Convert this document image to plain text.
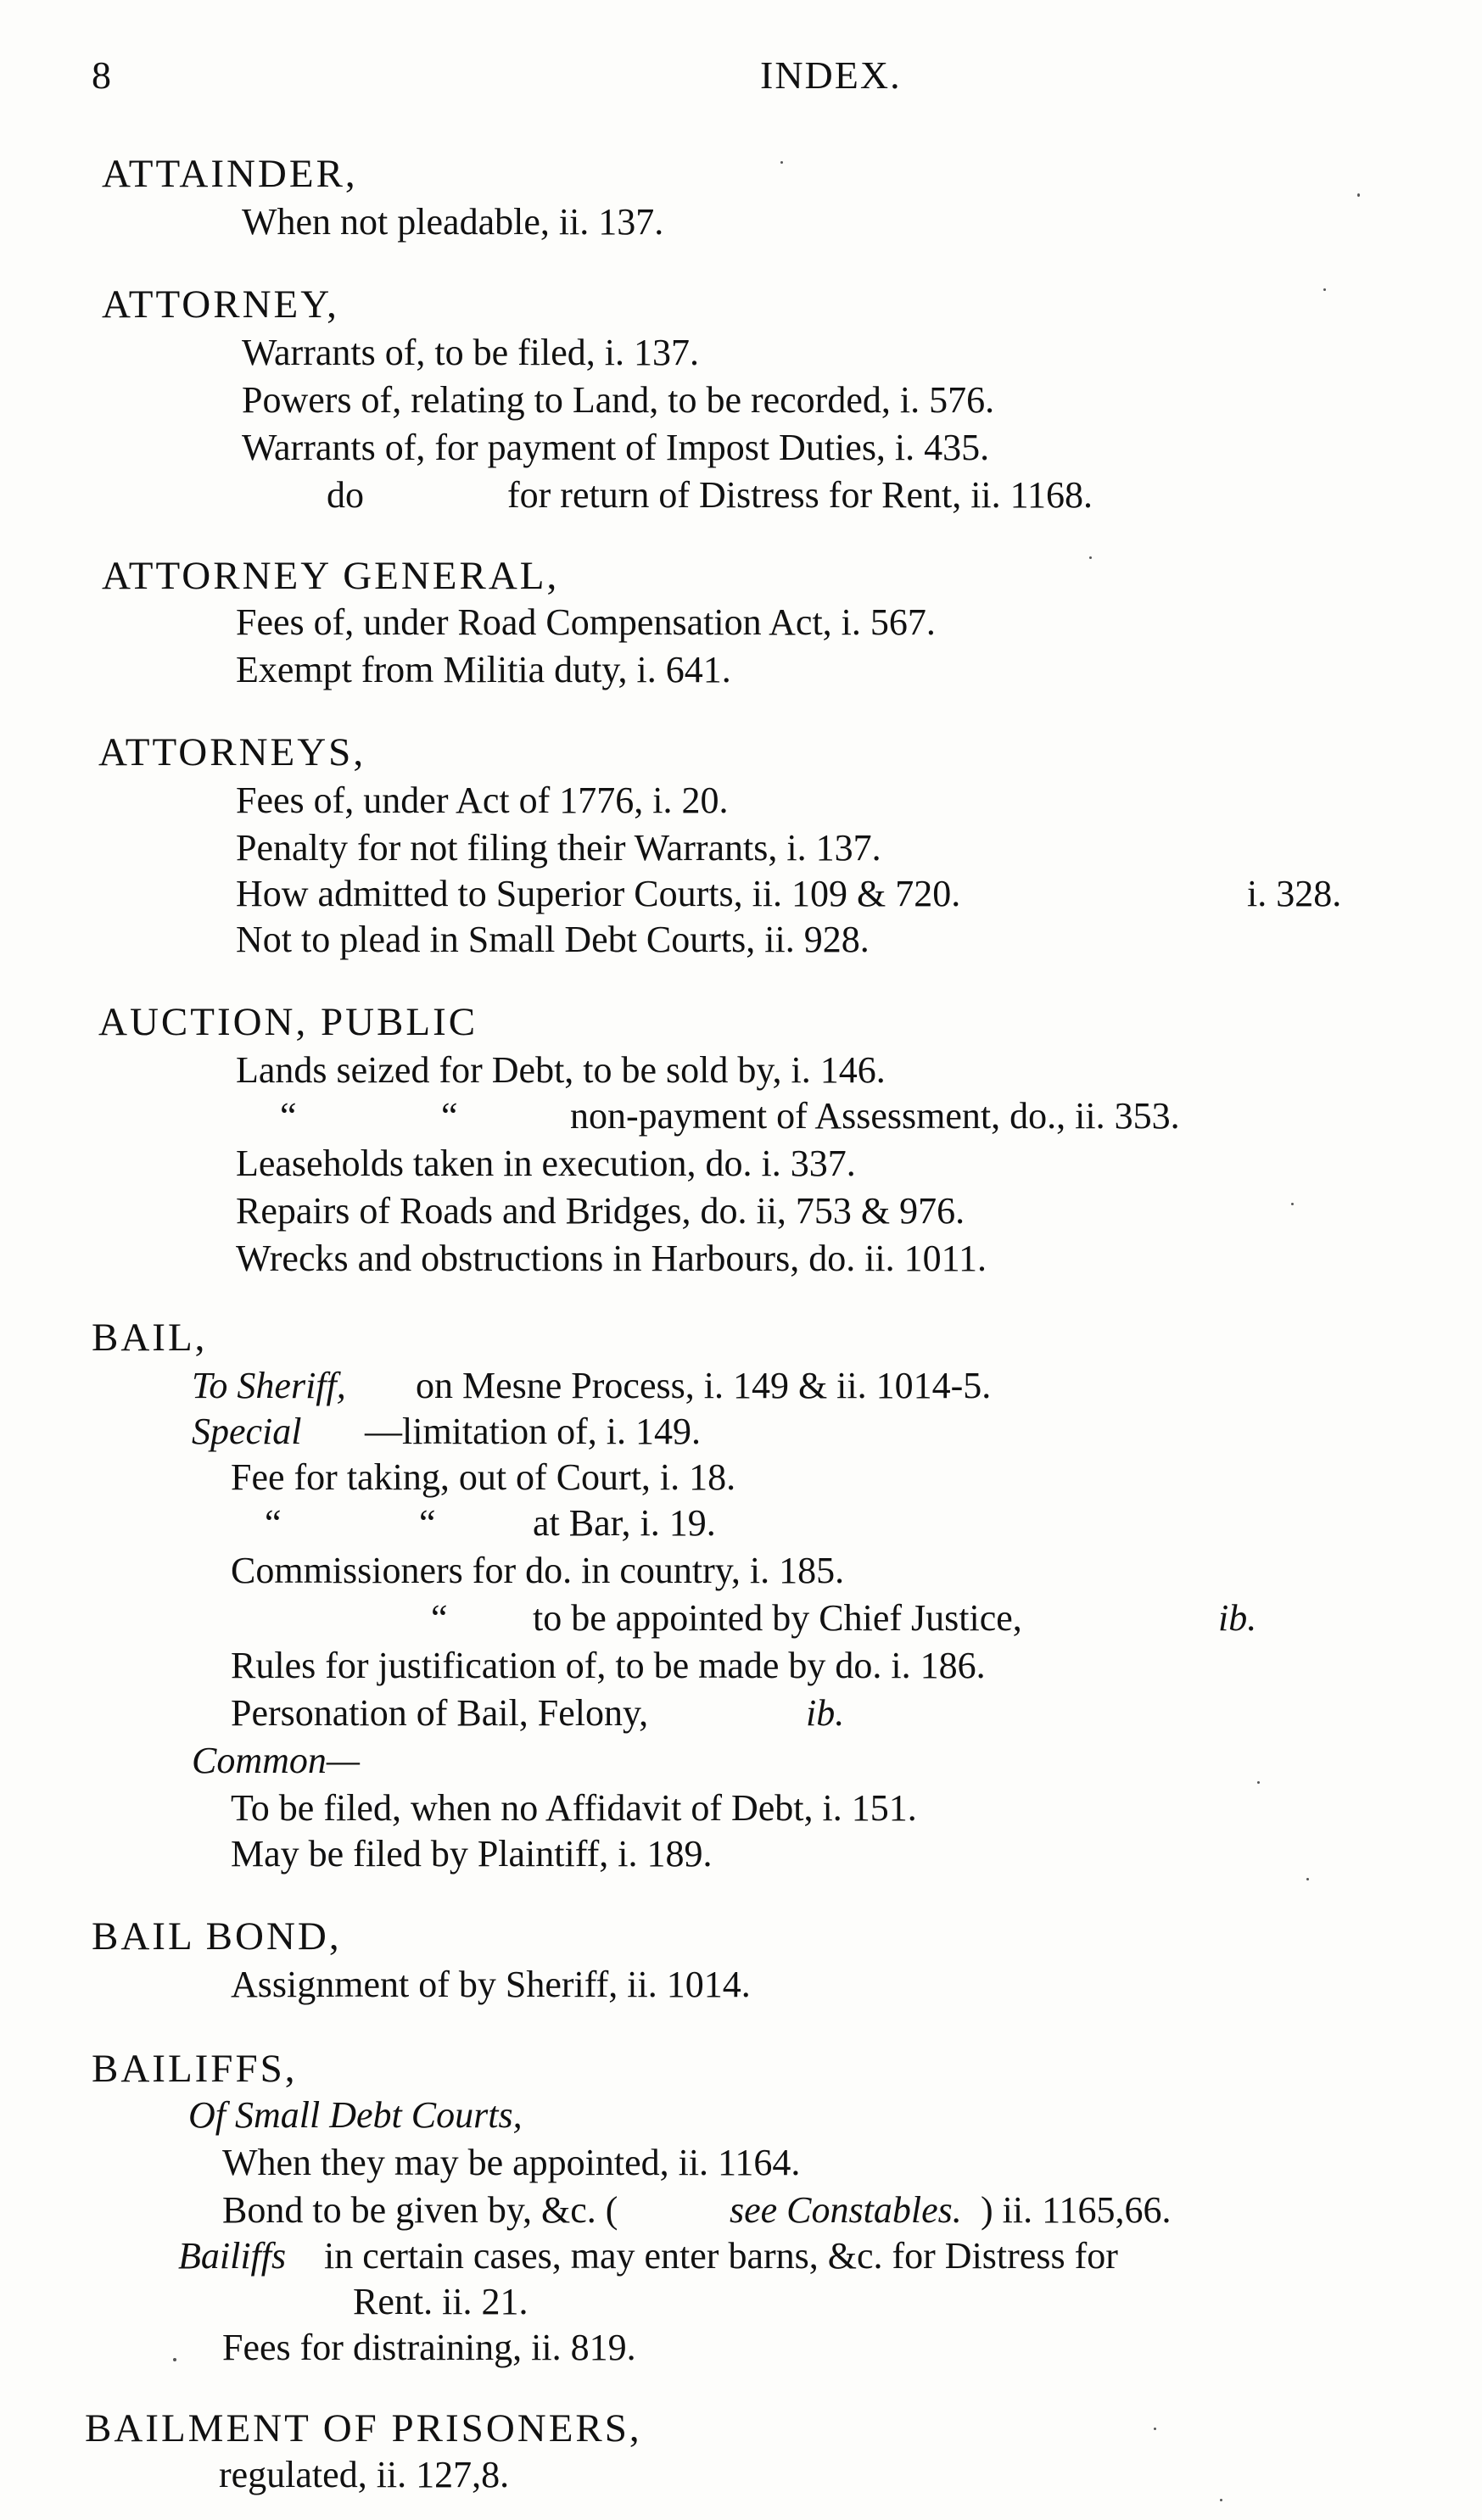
8	INDEX.
ATTAINDER,
When not pleadable, ii. 137.
ATTORNEY,
Warrants of, to be filed, i. 137.
Powers of, relating to Land, to be recorded, i. 576.
Warrants of, for payment of Impost Duties, i. 435.
do	for return of Distress for Rent, ii. 1168.
ATTORNEY GENERAL,
Fees of, under Road Compensation Act, i. 567.
Exempt from Militia duty, i. 641.
ATTORNEYS,
Fees of, under Act of 1776, i. 20.
Penalty for not filing their Warrants, i. 137.
How admitted to Superior Courts, ii. 109 & 720.	i. 328.
Not to plead in Small Debt Courts, ii. 928.
AUCTION, PUBLIC
Lands seized for Debt, to be sold by, i. 146.
“	“	non-payment of Assessment, do., ii. 353.
Leaseholds taken in execution, do. i. 337.
Repairs of Roads and Bridges, do. ii, 753 & 976.
Wrecks and obstructions in Harbours, do. ii. 1011.
BAIL,
To Sheriff, on Mesne Process, i. 149 & ii. 1014-5.
Special —limitation of, i. 149.
Fee for taking, out of Court, i. 18.
“	“	at Bar, i. 19.
Commissioners for do. in country, i. 185.
“ to be appointed by Chief Justice,	ib.
Rules for justification of, to be made by do. i. 186.
Personation of Bail, Felony,	ib.
Common—
To be filed, when no Affidavit of Debt, i. 151.
May be filed by Plaintiff, i. 189.
BAIL BOND,
Assignment of by Sheriff, ii. 1014.
BAILIFFS,
Of Small Debt Courts,
When they may be appointed, ii. 1164.
Bond to be given by, &c. (	see Constables. ) ii. 1165,66.
Bailiffs in certain cases, may enter barns, &c. for Distress for
Rent. ii. 21.
Fees for distraining, ii. 819.
BAILMENT OF PRISONERS,
regulated, ii. 127,8.
